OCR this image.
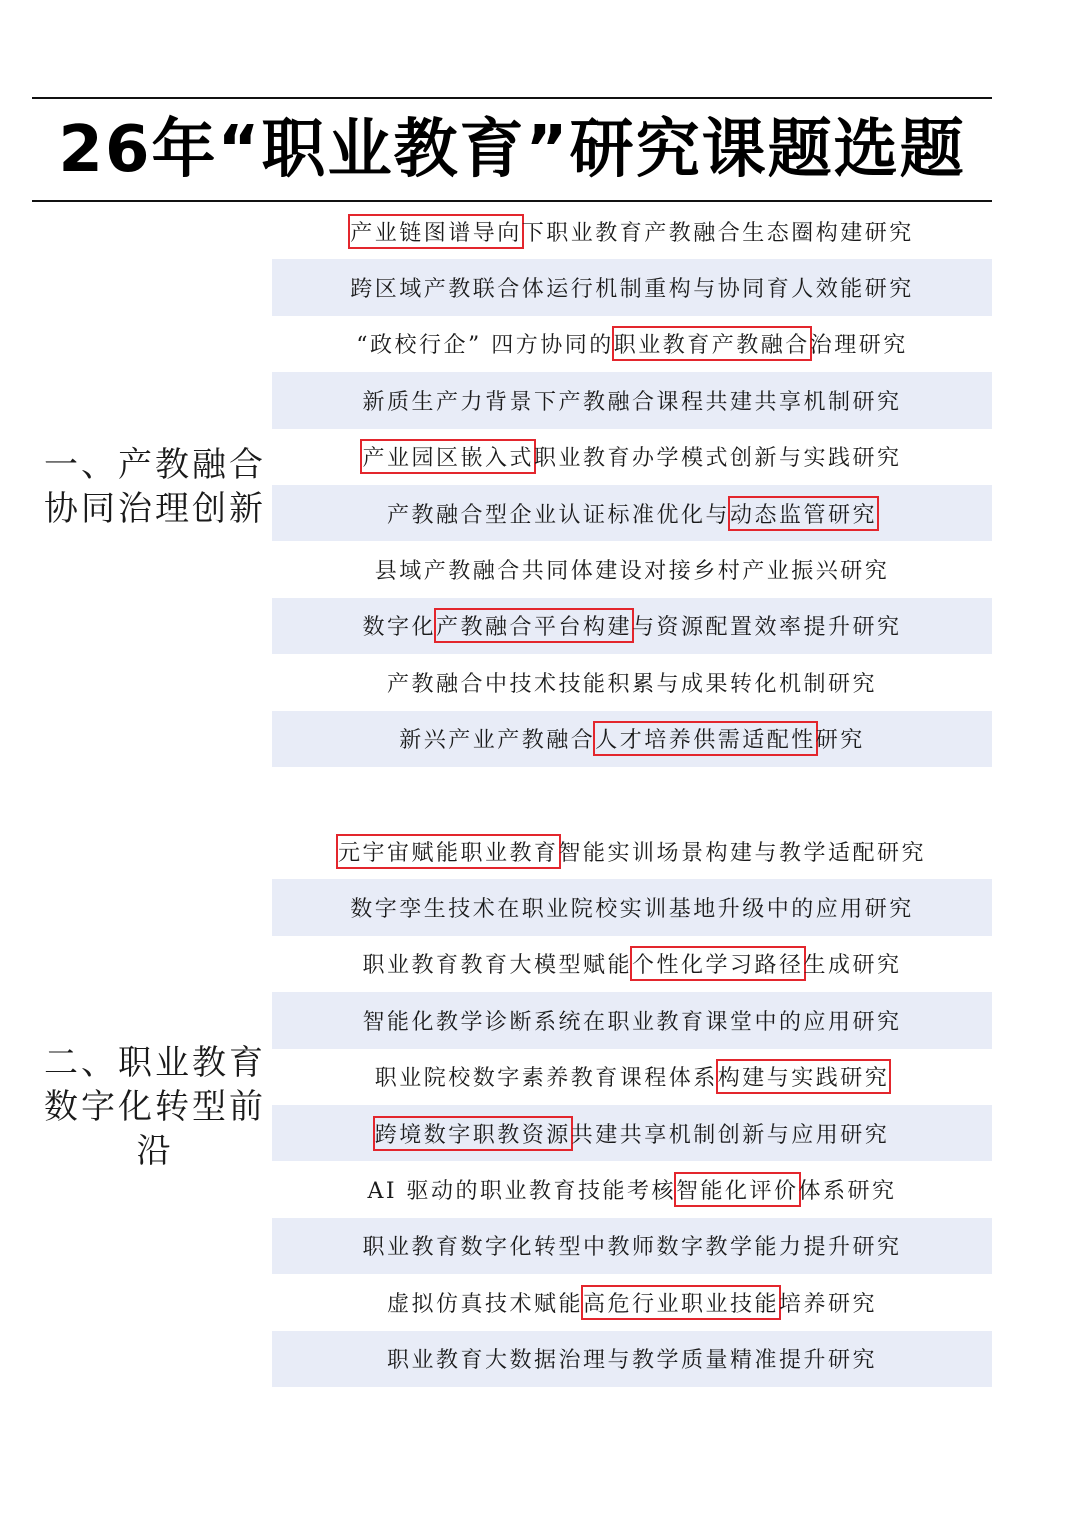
26年“职业教育”研究课题选题
一、产教融合协同治理创新
产业链图谱导向 下职业教育产教融合生态圈构建研究
跨区域产教联合体运行机制重构与协同育人效能研究
“政校行企” 四方协同的 职业教育产教融合 治理研究
新质生产力背景下产教融合课程共建共享机制研究
产业园区嵌入式 职业教育办学模式创新与实践研究
产教融合型企业认证标准优化与 动态监管研究
县域产教融合共同体建设对接乡村产业振兴研究
数字化 产教融合平台构建 与资源配置效率提升研究
产教融合中技术技能积累与成果转化机制研究
新兴产业产教融合 人才培养供需适配性 研究
二、职业教育数字化转型前沿
元宇宙赋能职业教育 智能实训场景构建与教学适配研究
数字孪生技术在职业院校实训基地升级中的应用研究
职业教育教育大模型赋能 个性化学习路径 生成研究
智能化教学诊断系统在职业教育课堂中的应用研究
职业院校数字素养教育课程体系 构建与实践研究
跨境数字职教资源 共建共享机制创新与应用研究
AI 驱动的职业教育技能考核 智能化评价 体系研究
职业教育数字化转型中教师数字教学能力提升研究
虚拟仿真技术赋能 高危行业职业技能 培养研究
职业教育大数据治理与教学质量精准提升研究
